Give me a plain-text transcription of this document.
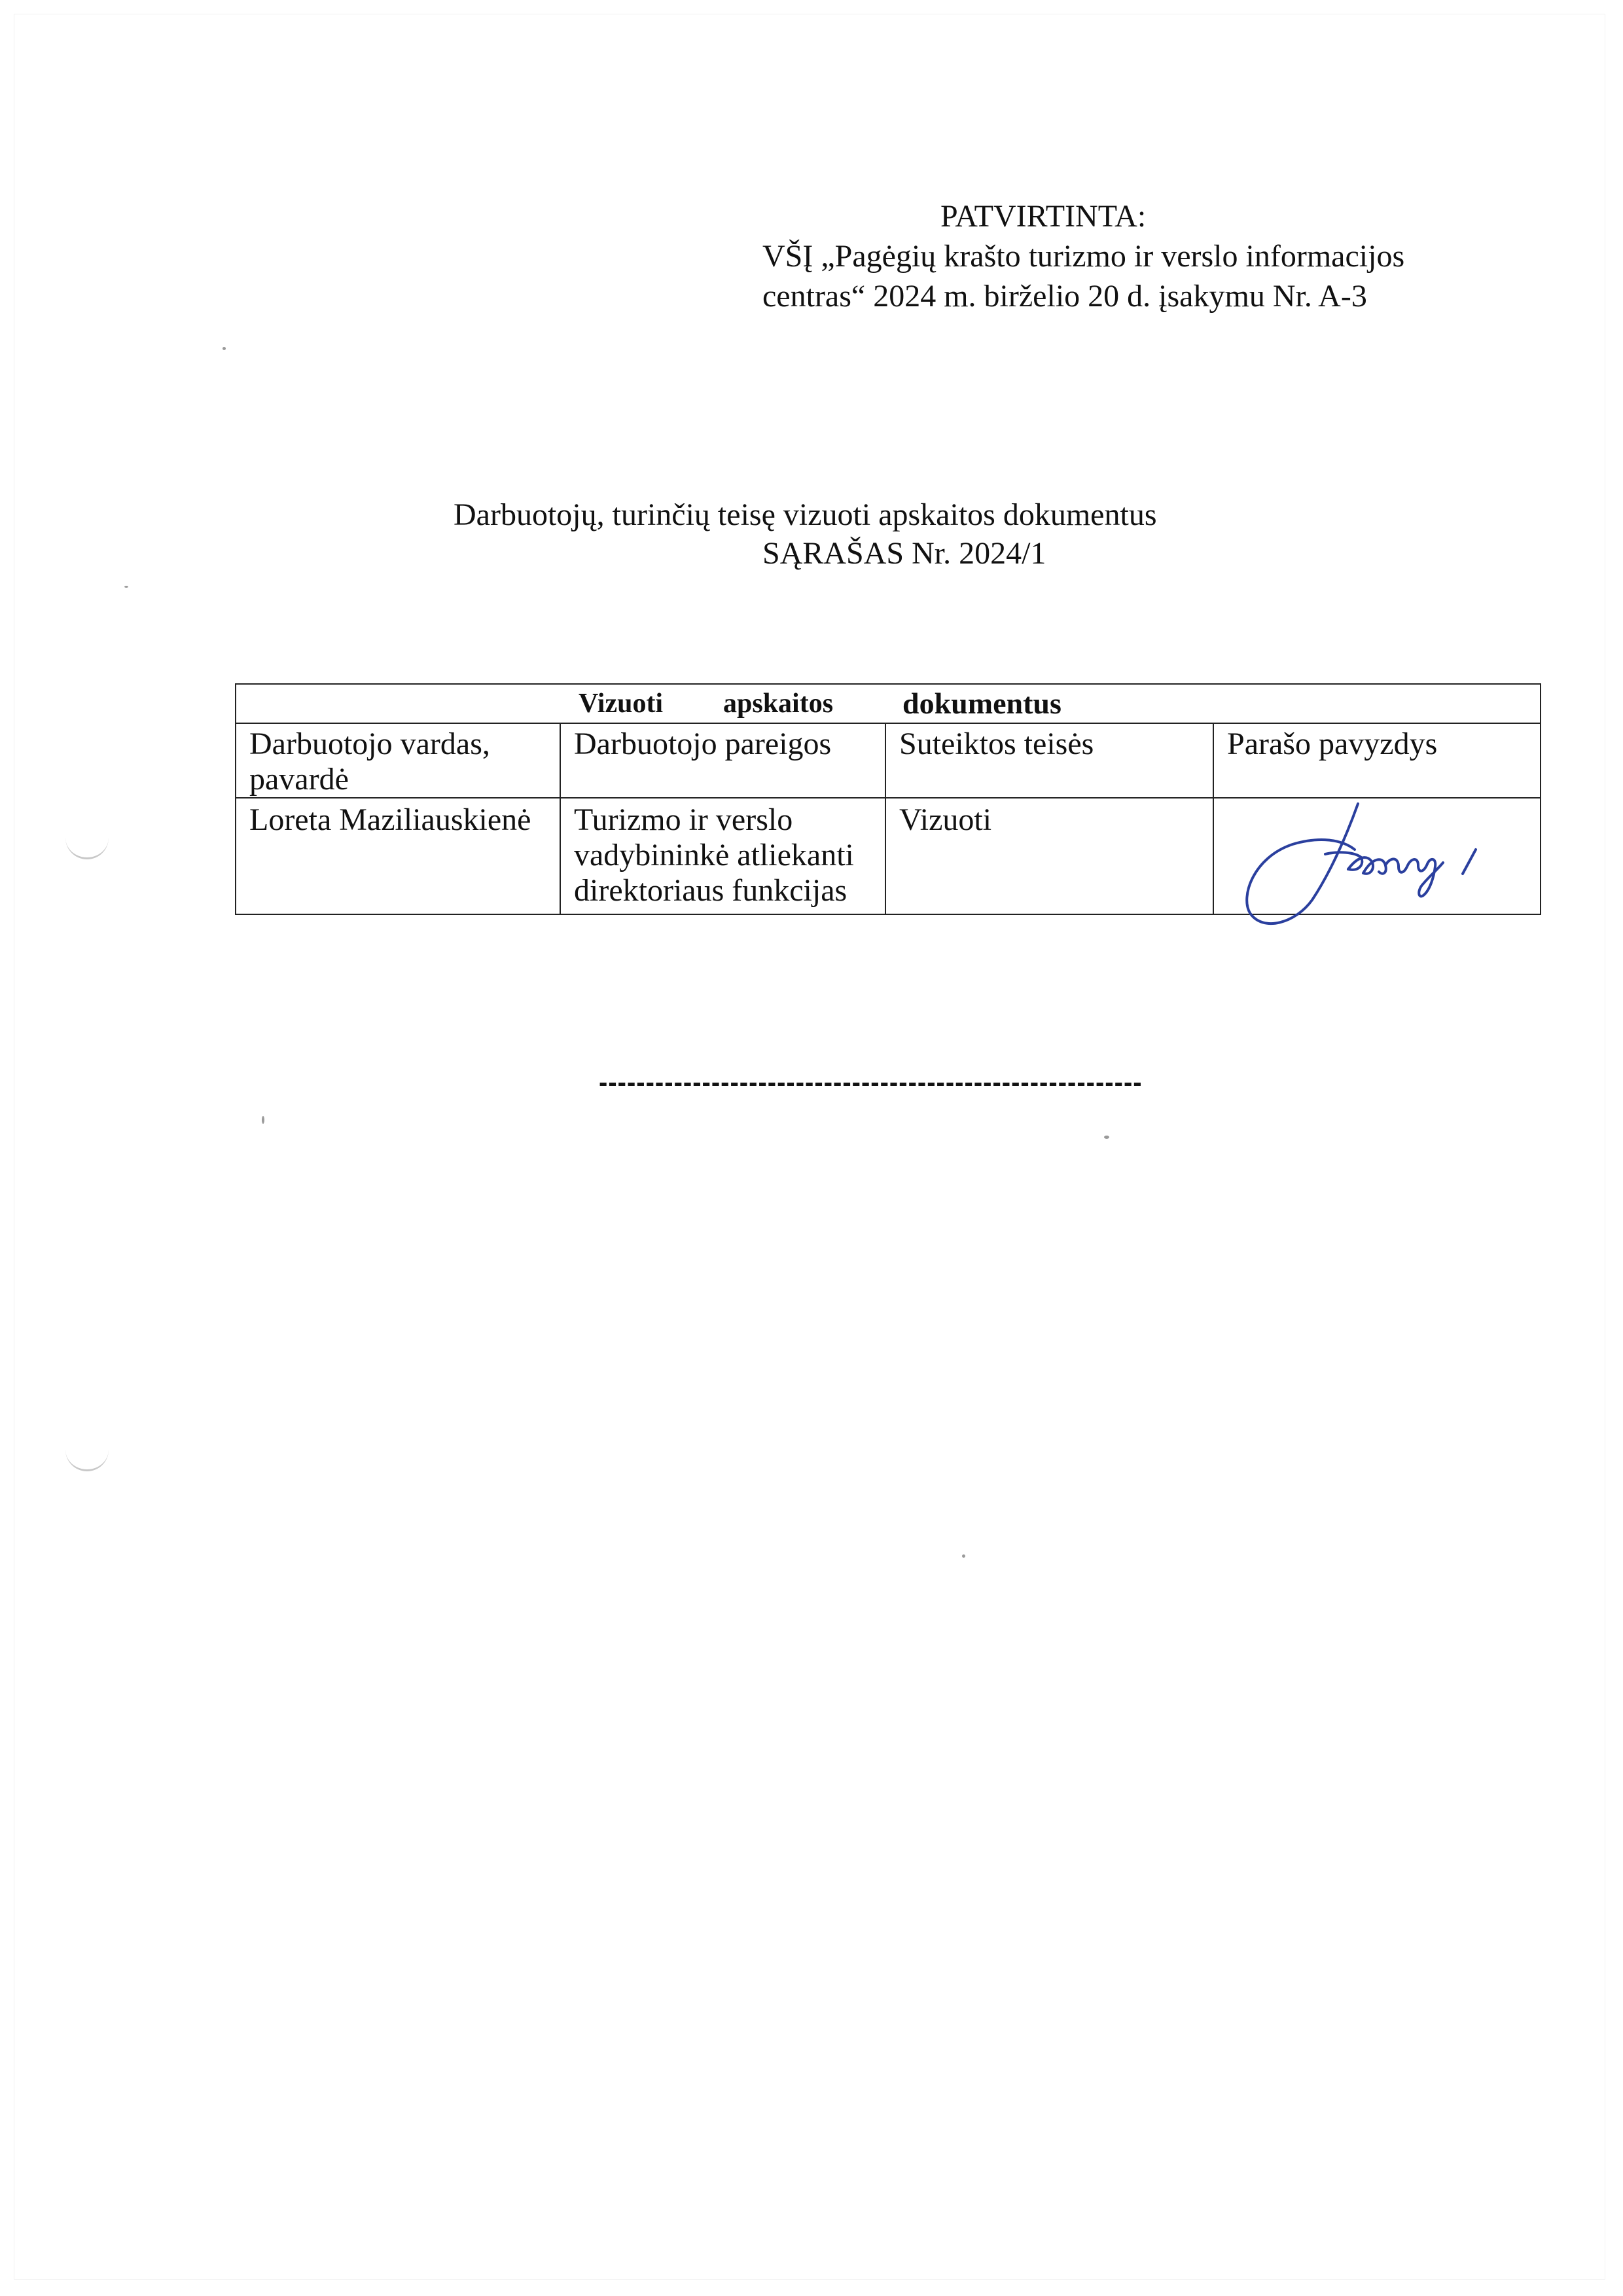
PATVIRTINTA:
VŠĮ „Pagėgių krašto turizmo ir verslo informacijos
centras“ 2024 m. birželio 20 d. įsakymu Nr. A-3
Darbuotojų, turinčių teisę vizuoti apskaitos dokumentus
SĄRAŠAS Nr. 2024/1
Vizuoti apskaitos dokumentus			

Darbuotojo vardas, pavardė	Darbuotojo pareigos	Suteiktos teisės	Parašo pavyzdys
Loreta Maziliauskienė	Turizmo ir verslo vadybininkė atliekanti direktoriaus funkcijas	Vizuoti	
----------------------------------------------------------
